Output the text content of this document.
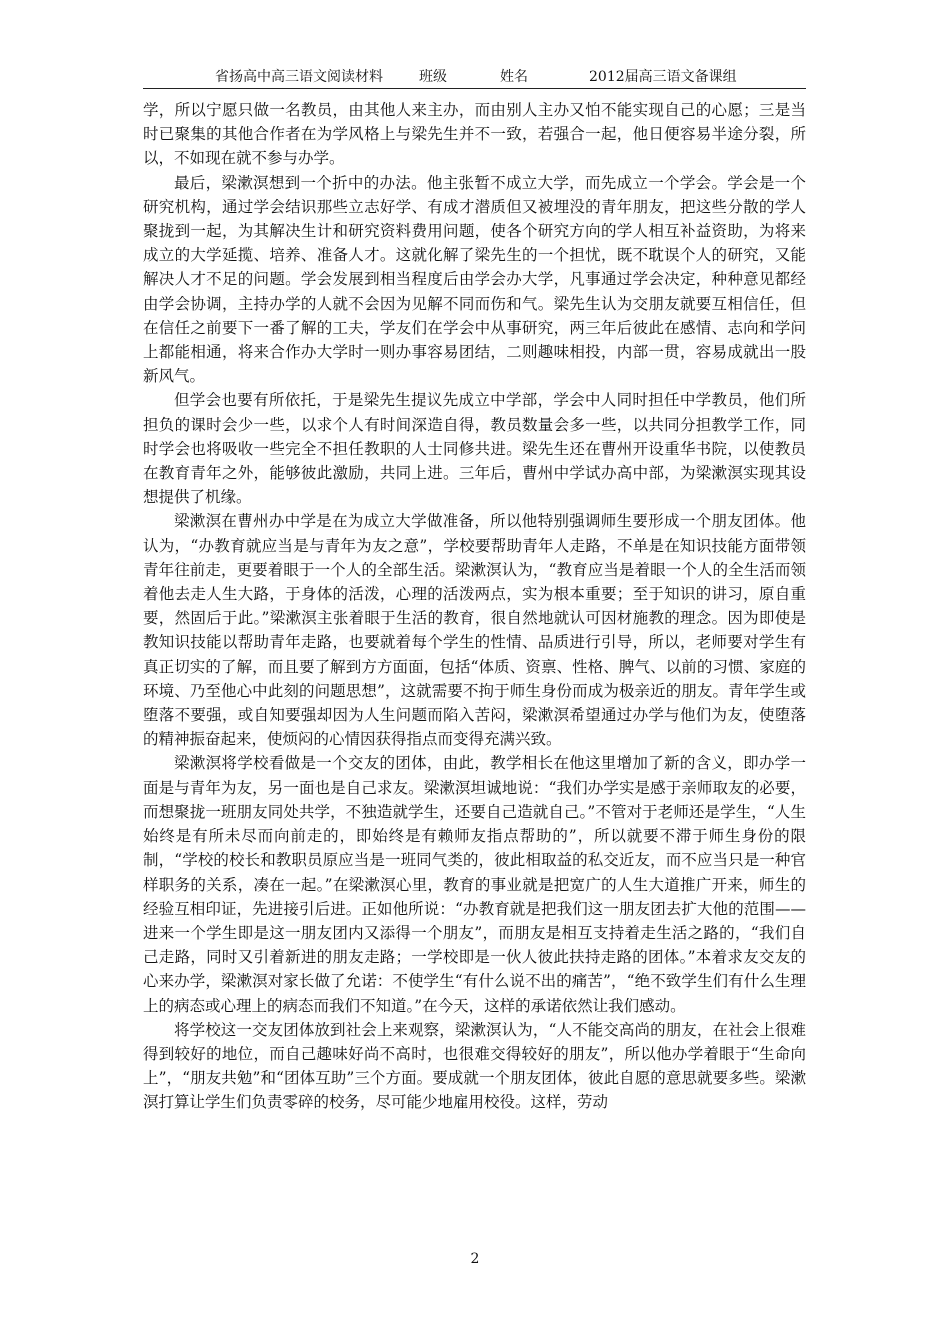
省扬高中高三语文阅读材料	班级	姓名	2012届高三语文备课组

学，所以宁愿只做一名教员，由其他人来主办，而由别人主办又怕不能实现自己的心愿；三是当时已聚集的其他合作者在为学风格上与梁先生并不一致，若强合一起，他日便容易半途分裂，所以，不如现在就不参与办学。

最后，梁漱溟想到一个折中的办法。他主张暂不成立大学，而先成立一个学会。学会是一个研究机构，通过学会结识那些立志好学、有成才潜质但又被埋没的青年朋友，把这些分散的学人聚拢到一起，为其解决生计和研究资料费用问题，使各个研究方向的学人相互补益资助，为将来成立的大学延揽、培养、准备人才。这就化解了梁先生的一个担忧，既不耽误个人的研究，又能解决人才不足的问题。学会发展到相当程度后由学会办大学，凡事通过学会决定，种种意见都经由学会协调，主持办学的人就不会因为见解不同而伤和气。梁先生认为交朋友就要互相信任，但在信任之前要下一番了解的工夫，学友们在学会中从事研究，两三年后彼此在感情、志向和学问上都能相通，将来合作办大学时一则办事容易团结，二则趣味相投，内部一贯，容易成就出一股新风气。

但学会也要有所依托，于是梁先生提议先成立中学部，学会中人同时担任中学教员，他们所担负的课时会少一些，以求个人有时间深造自得，教员数量会多一些，以共同分担教学工作，同时学会也将吸收一些完全不担任教职的人士同修共进。梁先生还在曹州开设重华书院，以使教员在教育青年之外，能够彼此激励，共同上进。三年后，曹州中学试办高中部，为梁漱溟实现其设想提供了机缘。

梁漱溟在曹州办中学是在为成立大学做准备，所以他特别强调师生要形成一个朋友团体。他认为，“办教育就应当是与青年为友之意”，学校要帮助青年人走路，不单是在知识技能方面带领青年往前走，更要着眼于一个人的全部生活。梁漱溟认为，“教育应当是着眼一个人的全生活而领着他去走人生大路，于身体的活泼，心理的活泼两点，实为根本重要；至于知识的讲习，原自重要，然固后于此。”梁漱溟主张着眼于生活的教育，很自然地就认可因材施教的理念。因为即使是教知识技能以帮助青年走路，也要就着每个学生的性情、品质进行引导，所以，老师要对学生有真正切实的了解，而且要了解到方方面面，包括“体质、资禀、性格、脾气、以前的习惯、家庭的环境、乃至他心中此刻的问题思想”，这就需要不拘于师生身份而成为极亲近的朋友。青年学生或堕落不要强，或自知要强却因为人生问题而陷入苦闷，梁漱溟希望通过办学与他们为友，使堕落的精神振奋起来，使烦闷的心情因获得指点而变得充满兴致。

梁漱溟将学校看做是一个交友的团体，由此，教学相长在他这里增加了新的含义，即办学一面是与青年为友，另一面也是自己求友。梁漱溟坦诚地说：“我们办学实是感于亲师取友的必要，而想聚拢一班朋友同处共学，不独造就学生，还要自己造就自己。”不管对于老师还是学生，“人生始终是有所未尽而向前走的，即始终是有赖师友指点帮助的”，所以就要不滞于师生身份的限制，“学校的校长和教职员原应当是一班同气类的，彼此相取益的私交近友，而不应当只是一种官样职务的关系，凑在一起。”在梁漱溟心里，教育的事业就是把宽广的人生大道推广开来，师生的经验互相印证，先进接引后进。正如他所说：“办教育就是把我们这一朋友团去扩大他的范围——进来一个学生即是这一朋友团内又添得一个朋友”，而朋友是相互支持着走生活之路的，“我们自己走路，同时又引着新进的朋友走路；一学校即是一伙人彼此扶持走路的团体。”本着求友交友的心来办学，梁漱溟对家长做了允诺：不使学生“有什么说不出的痛苦”，“绝不致学生们有什么生理上的病态或心理上的病态而我们不知道。”在今天，这样的承诺依然让我们感动。

将学校这一交友团体放到社会上来观察，梁漱溟认为，“人不能交高尚的朋友，在社会上很难得到较好的地位，而自己趣味好尚不高时，也很难交得较好的朋友”，所以他办学着眼于“生命向上”，“朋友共勉”和“团体互助”三个方面。要成就一个朋友团体，彼此自愿的意思就要多些。梁漱溟打算让学生们负责零碎的校务，尽可能少地雇用校役。这样，劳动

2
